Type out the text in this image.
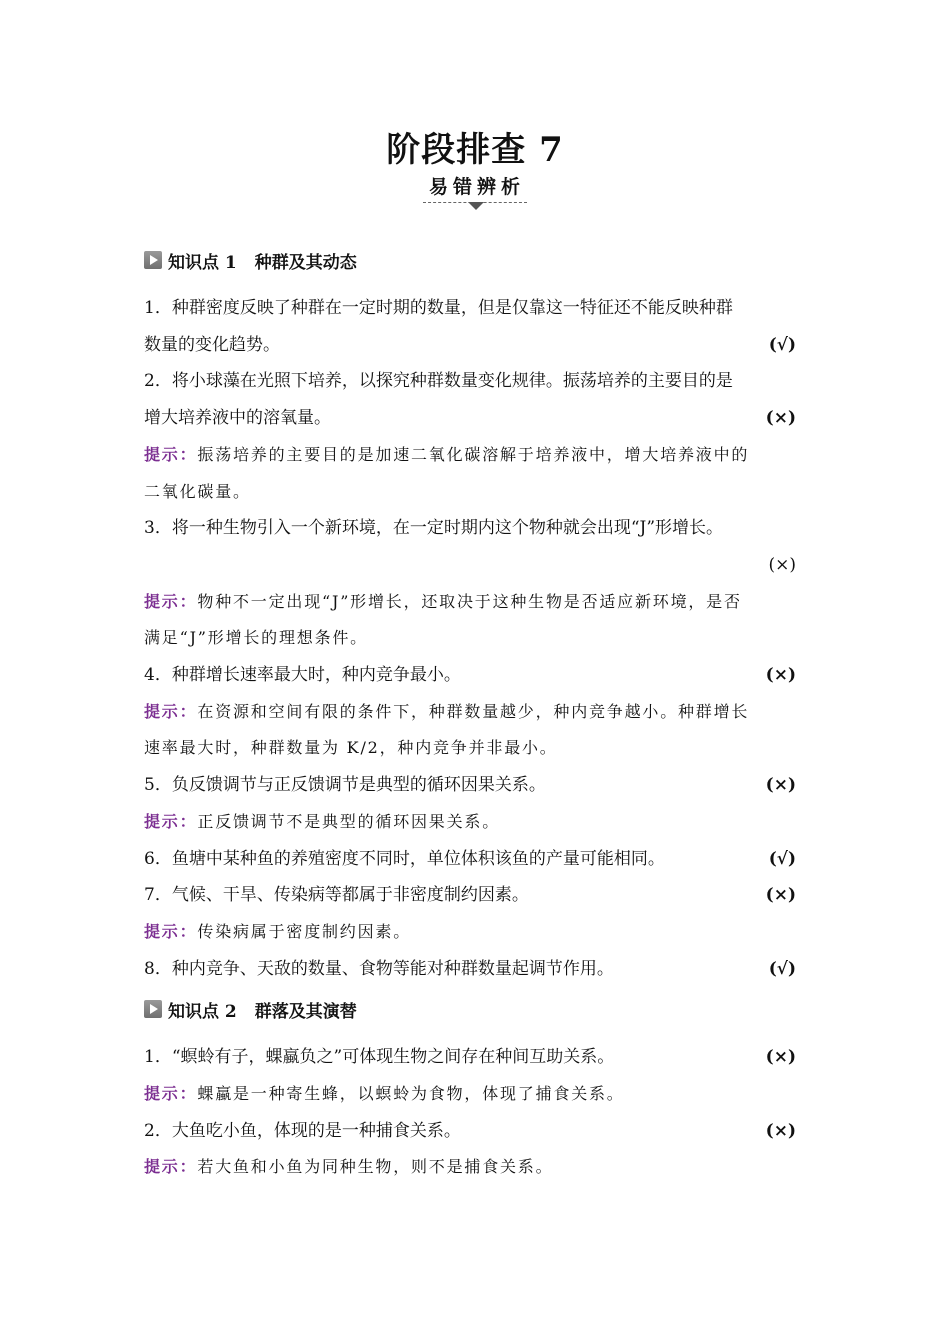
阶段排查 7
易错辨析
知识点 1 种群及其动态
1．种群密度反映了种群在一定时期的数量，但是仅靠这一特征还不能反映种群
数量的变化趋势。	(√)
2．将小球藻在光照下培养，以探究种群数量变化规律。振荡培养的主要目的是
增大培养液中的溶氧量。	(×)
提示：振荡培养的主要目的是加速二氧化碳溶解于培养液中，增大培养液中的
二氧化碳量。
3．将一种生物引入一个新环境，在一定时期内这个物种就会出现“J”形增长。
(×)
提示：物种不一定出现“J”形增长，还取决于这种生物是否适应新环境，是否
满足“J”形增长的理想条件。
4．种群增长速率最大时，种内竞争最小。	(×)
提示：在资源和空间有限的条件下，种群数量越少，种内竞争越小。种群增长
速率最大时，种群数量为 K/2，种内竞争并非最小。
5．负反馈调节与正反馈调节是典型的循环因果关系。	(×)
提示：正反馈调节不是典型的循环因果关系。
6．鱼塘中某种鱼的养殖密度不同时，单位体积该鱼的产量可能相同。	(√)
7．气候、干旱、传染病等都属于非密度制约因素。	(×)
提示：传染病属于密度制约因素。
8．种内竞争、天敌的数量、食物等能对种群数量起调节作用。	(√)
知识点 2 群落及其演替
1．“螟蛉有子，蜾蠃负之”可体现生物之间存在种间互助关系。	(×)
提示：蜾蠃是一种寄生蜂，以螟蛉为食物，体现了捕食关系。
2．大鱼吃小鱼，体现的是一种捕食关系。	(×)
提示：若大鱼和小鱼为同种生物，则不是捕食关系。
